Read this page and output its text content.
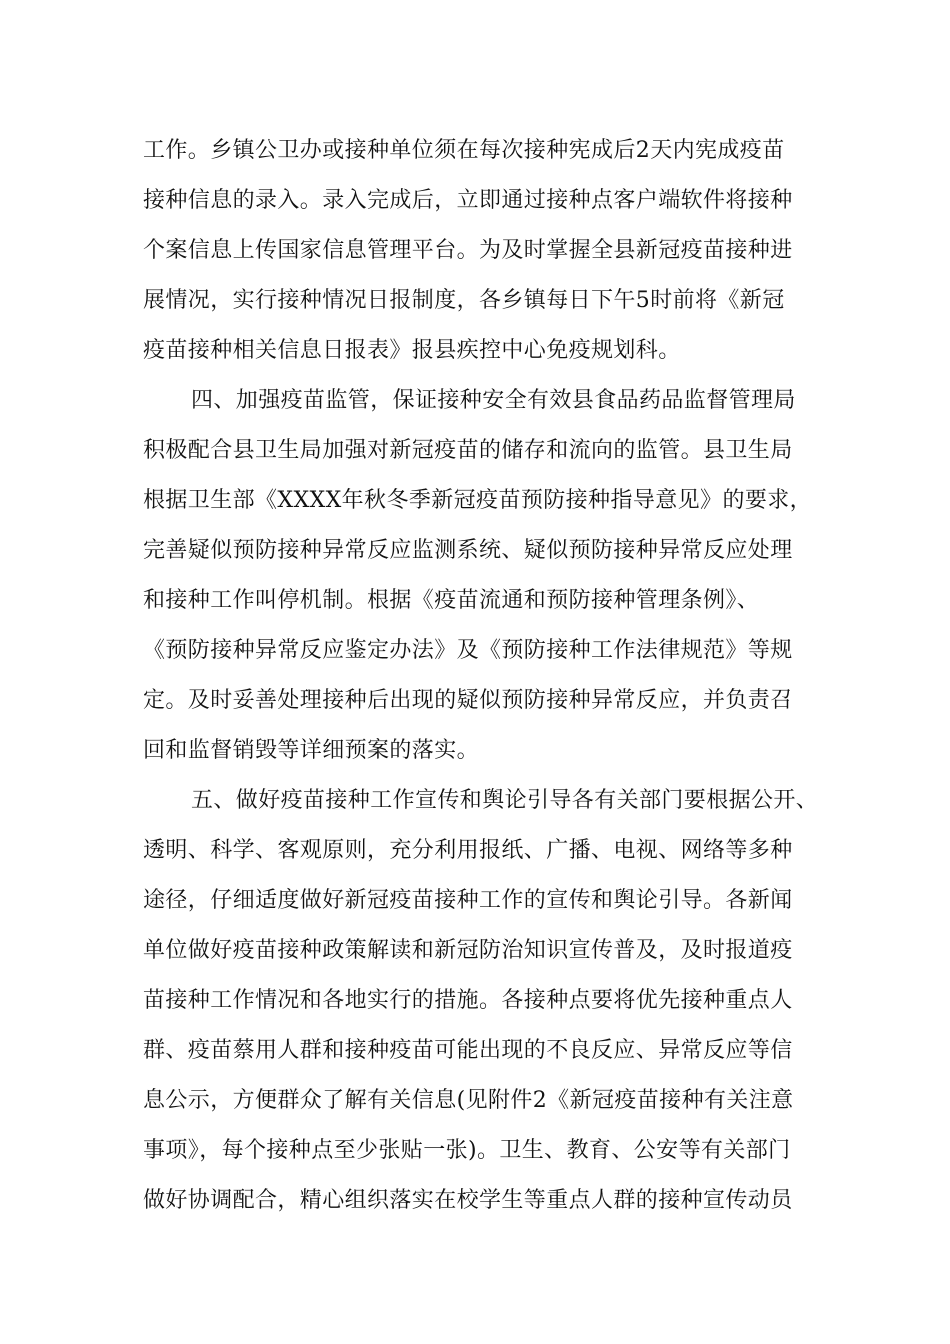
工作。乡镇公卫办或接种单位须在每次接种宪成后2天内宪成疫苗
接种信息的录入。录入完成后，立即通过接种点客户端软件将接种
个案信息上传国家信息管理平台。为及时掌握全县新冠疫苗接种进
展情况，实行接种情况日报制度，各乡镇每日下午5时前将《新冠
疫苗接种相关信息日报表》报县疾控中心免疫规划科。
四、加强疫苗监管，保证接种安全有效县食品药品监督管理局
积极配合县卫生局加强对新冠疫苗的储存和流向的监管。县卫生局
根据卫生部《XXXX年秋冬季新冠疫苗预防接种指导意见》的要求，
完善疑似预防接种异常反应监测系统、疑似预防接种异常反应处理
和接种工作叫停机制。根据《疫苗流通和预防接种管理条例》、
《预防接种异常反应鉴定办法》及《预防接种工作法律规范》等规
定。及时妥善处理接种后出现的疑似预防接种异常反应，并负责召
回和监督销毁等详细预案的落实。
五、做好疫苗接种工作宣传和舆论引导各有关部门要根据公开、
透明、科学、客观原则，充分利用报纸、广播、电视、网络等多种
途径，仔细适度做好新冠疫苗接种工作的宣传和舆论引导。各新闻
单位做好疫苗接种政策解读和新冠防治知识宣传普及，及时报道疫
苗接种工作情况和各地实行的措施。各接种点要将优先接种重点人
群、疫苗蔡用人群和接种疫苗可能出现的不良反应、异常反应等信
息公示，方便群众了解有关信息(见附件2《新冠疫苗接种有关注意
事项》，每个接种点至少张贴一张)。卫生、教育、公安等有关部门
做好协调配合，精心组织落实在校学生等重点人群的接种宣传动员
